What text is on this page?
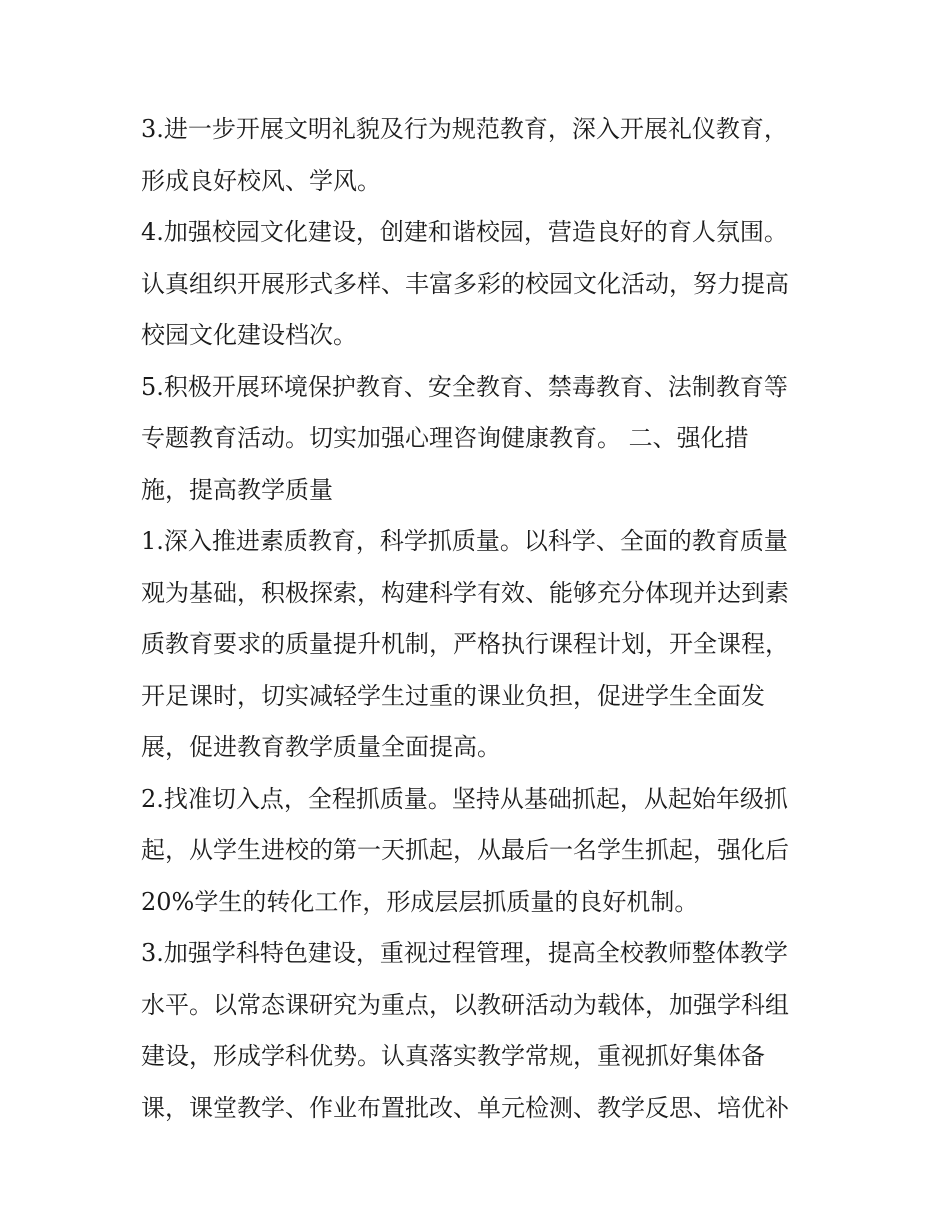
3.进一步开展文明礼貌及行为规范教育，深入开展礼仪教育，
形成良好校风、学风。
4.加强校园文化建设，创建和谐校园，营造良好的育人氛围。
认真组织开展形式多样、丰富多彩的校园文化活动，努力提高
校园文化建设档次。
5.积极开展环境保护教育、安全教育、禁毒教育、法制教育等
专题教育活动。切实加强心理咨询健康教育。 二、强化措
施，提高教学质量
1.深入推进素质教育，科学抓质量。以科学、全面的教育质量
观为基础，积极探索，构建科学有效、能够充分体现并达到素
质教育要求的质量提升机制，严格执行课程计划，开全课程，
开足课时，切实减轻学生过重的课业负担，促进学生全面发
展，促进教育教学质量全面提高。
2.找准切入点，全程抓质量。坚持从基础抓起，从起始年级抓
起，从学生进校的第一天抓起，从最后一名学生抓起，强化后
20%学生的转化工作，形成层层抓质量的良好机制。
3.加强学科特色建设，重视过程管理，提高全校教师整体教学
水平。以常态课研究为重点，以教研活动为载体，加强学科组
建设，形成学科优势。认真落实教学常规，重视抓好集体备
课，课堂教学、作业布置批改、单元检测、教学反思、培优补
